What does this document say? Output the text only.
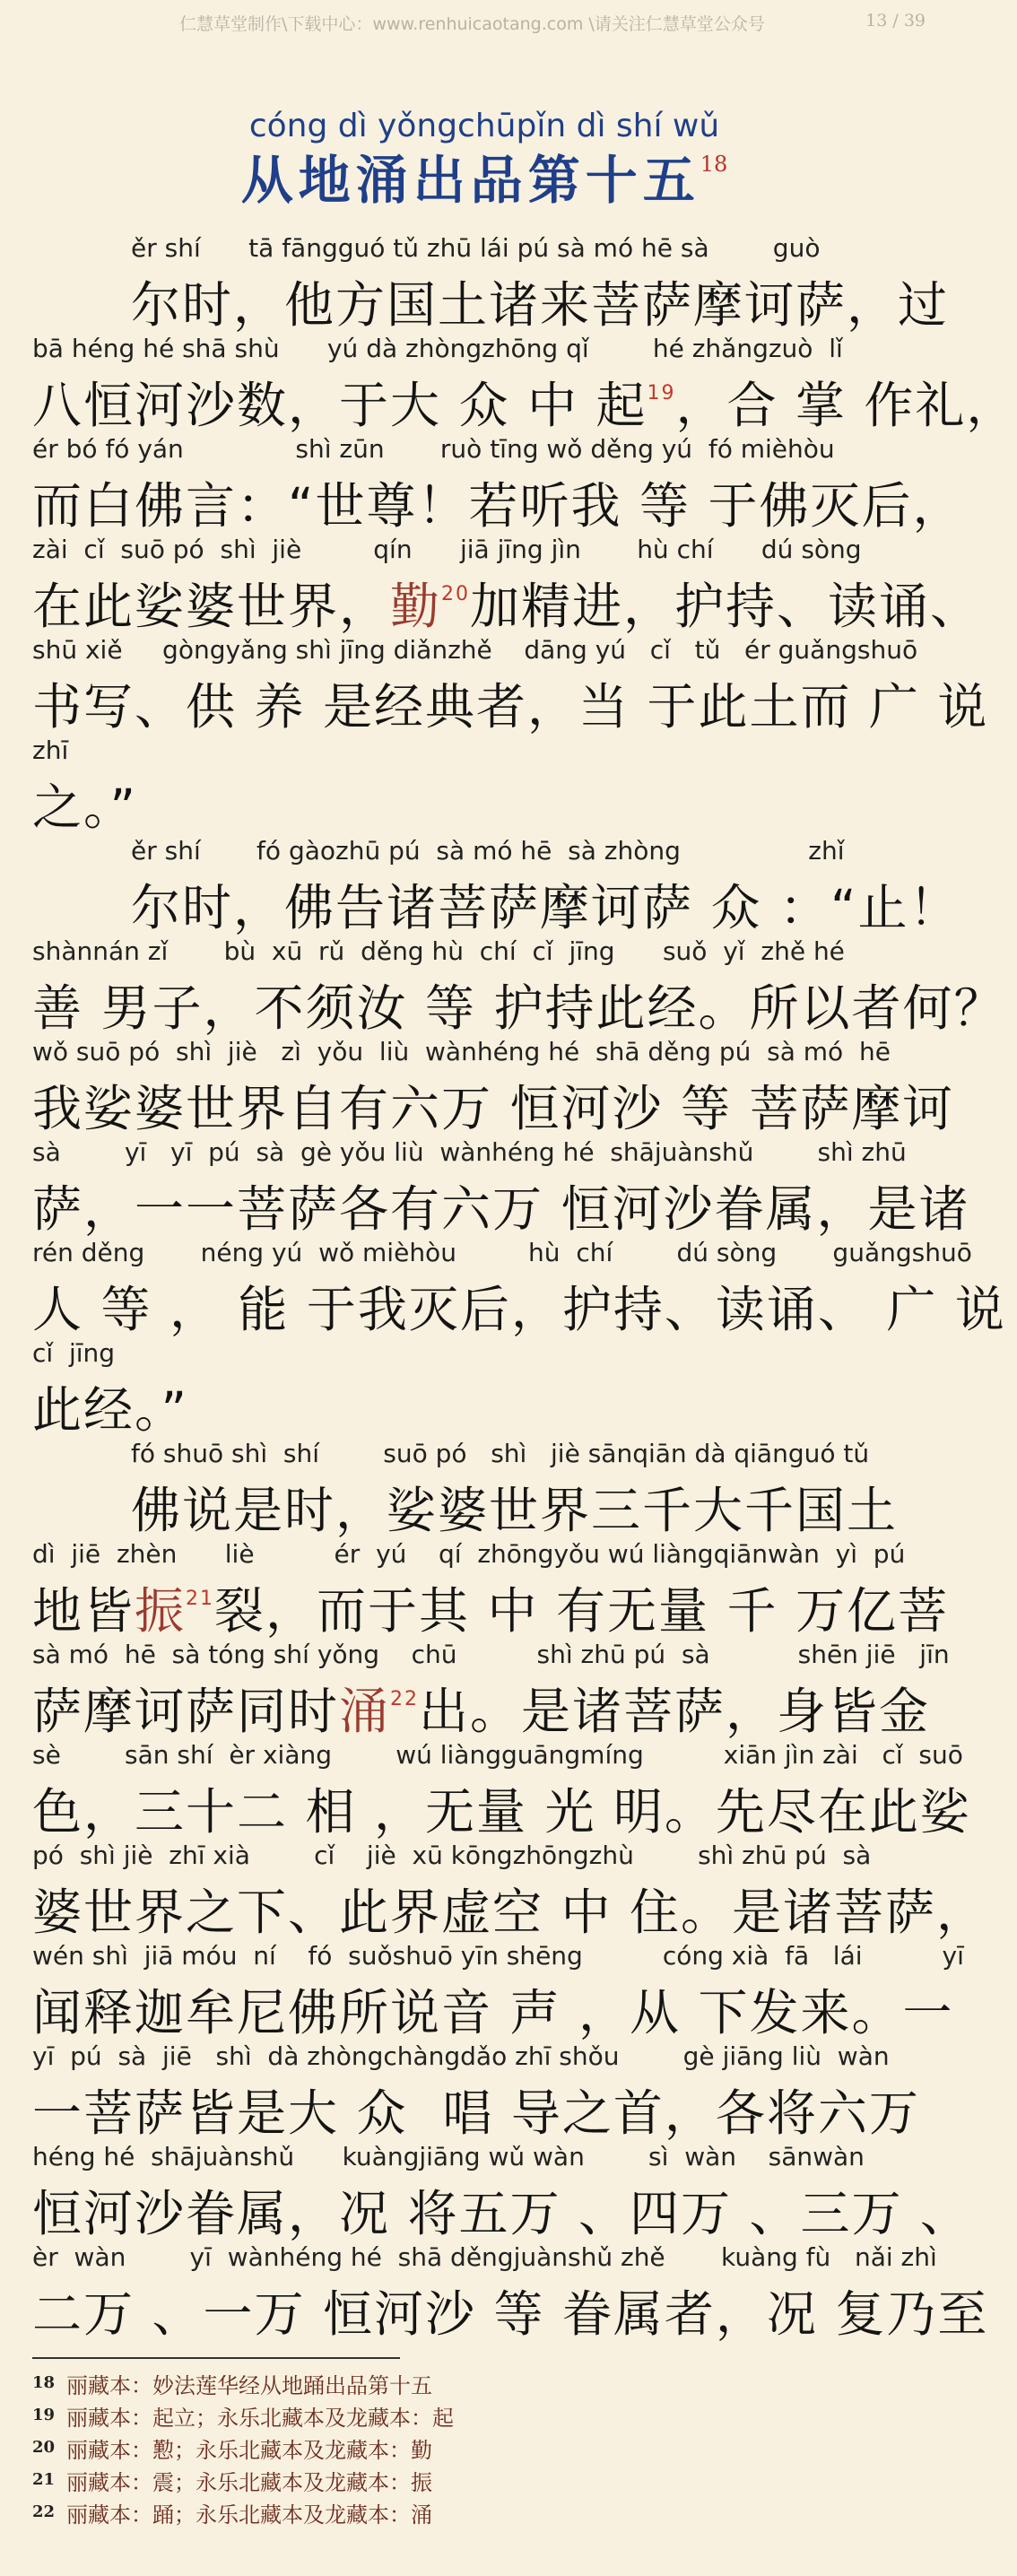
仁慧草堂制作\下载中心：www.renhuicaotang.com \请关注仁慧草堂公众号	13 / 39
cóng dì yǒngchūpǐn dì shí wǔ
从地涌出品第十五$^{18}$
ěr shí      tā fāngguó tǔ zhū lái pú sà mó hē sà        guò
尔时，他方国土诸来菩萨摩诃萨，过
bā héng hé shā shù      yú dà zhòngzhōng qǐ        hé zhǎngzuò  lǐ
八恒河沙数，于大 众 中 起$^{19}$，合 掌 作礼，
ér bó fó yán              shì zūn       ruò tīng wǒ děng yú  fó mièhòu
而白佛言：“世尊！若听我 等 于佛灭后，
zài  cǐ  suō pó  shì  jiè         qín      jiā jīng jìn       hù chí      dú sòng
在此娑婆世界，勤$^{20}$加精进，护持、读诵、
shū xiě     gòngyǎng shì jīng diǎnzhě    dāng yú   cǐ   tǔ   ér guǎngshuō
书写、供 养 是经典者，当 于此土而 广 说
zhī
之。”
ěr shí       fó gàozhū pú  sà mó hē  sà zhòng                zhǐ
尔时，佛告诸菩萨摩诃萨 众 ：“止！
shànnán zǐ       bù  xū  rǔ  děng hù  chí  cǐ  jīng      suǒ  yǐ  zhě hé
善 男子，不须汝 等 护持此经。所以者何？
wǒ suō pó  shì  jiè   zì  yǒu  liù  wànhéng hé  shā děng pú  sà mó  hē
我娑婆世界自有六万 恒河沙 等 菩萨摩诃
sà        yī   yī  pú  sà  gè yǒu liù  wànhéng hé  shājuànshǔ        shì zhū
萨，一一菩萨各有六万 恒河沙眷属，是诸
rén děng       néng yú  wǒ mièhòu         hù  chí        dú sòng       guǎngshuō
人 等 ， 能 于我灭后，护持、读诵、 广 说
cǐ  jīng
此经。”
fó shuō shì  shí        suō pó   shì   jiè sānqiān dà qiānguó tǔ
佛说是时，娑婆世界三千大千国土
dì  jiē  zhèn      liè          ér  yú    qí  zhōngyǒu wú liàngqiānwàn  yì  pú
地皆振$^{21}$裂，而于其 中 有无量 千 万亿菩
sà mó  hē  sà tóng shí yǒng    chū          shì zhū pú  sà           shēn jiē   jīn
萨摩诃萨同时涌$^{22}$出。是诸菩萨，身皆金
sè        sān shí  èr xiàng        wú liàngguāngmíng          xiān jìn zài   cǐ  suō
色，三十二 相 ，无量 光 明。先尽在此娑
pó  shì jiè  zhī xià        cǐ    jiè  xū kōngzhōngzhù        shì zhū pú  sà
婆世界之下、此界虚空 中 住。是诸菩萨，
wén shì  jiā móu  ní    fó  suǒshuō yīn shēng          cóng xià  fā   lái          yī
闻释迦牟尼佛所说音 声 ，从 下发来。一
yī  pú  sà  jiē   shì  dà zhòngchàngdǎo zhī shǒu        gè jiāng liù  wàn
一菩萨皆是大 众  唱 导之首，各将六万
héng hé  shājuànshǔ      kuàngjiāng wǔ wàn        sì  wàn    sānwàn
恒河沙眷属，况 将五万 、四万 、三万 、
èr  wàn        yī  wànhéng hé  shā děngjuànshǔ zhě       kuàng fù   nǎi zhì
二万 、一万 恒河沙 等 眷属者，况 复乃至
18 丽藏本：妙法莲华经从地踊出品第十五
19 丽藏本：起立；永乐北藏本及龙藏本：起
20 丽藏本：懃；永乐北藏本及龙藏本：勤
21 丽藏本：震；永乐北藏本及龙藏本：振
22 丽藏本：踊；永乐北藏本及龙藏本：涌
